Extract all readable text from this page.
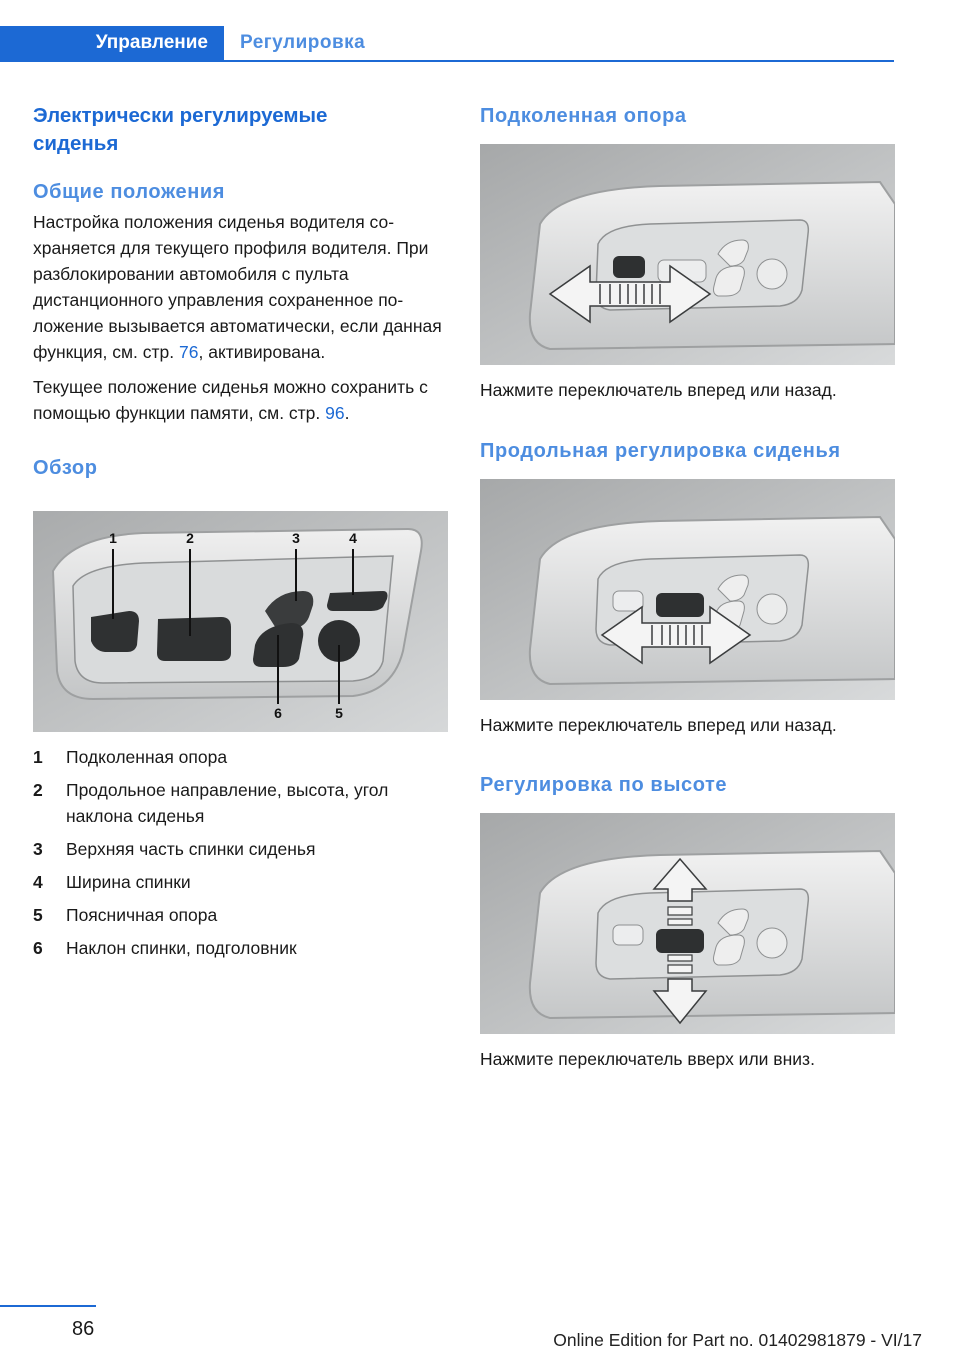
Управление	Регулировка
Электрически регулируемые сиденья
Общие положения

Настройка положения сиденья водителя сохраняется для текущего профиля водителя. При разблокировании автомобиля с пульта дистанционного управления сохраненное положение вызывается автоматически, если данная функция, см. стр. 76, активирована.

Текущее положение сиденья можно сохранить с помощью функции памяти, см. стр. 96.

Обзор
1	2	3	4
5
6
1 Подколенная опора
2 Продольное направление, высота, угол наклона сиденья
3 Верхняя часть спинки сиденья
4 Ширина спинки
5 Поясничная опора
6 Наклон спинки, подголовник
Подколенная опора

Нажмите переключатель вперед или назад.

Продольная регулировка сиденья

Нажмите переключатель вперед или назад.

Регулировка по высоте

Нажмите переключатель вверх или вниз.

86	Online Edition for Part no. 01402981879 - VI/17
